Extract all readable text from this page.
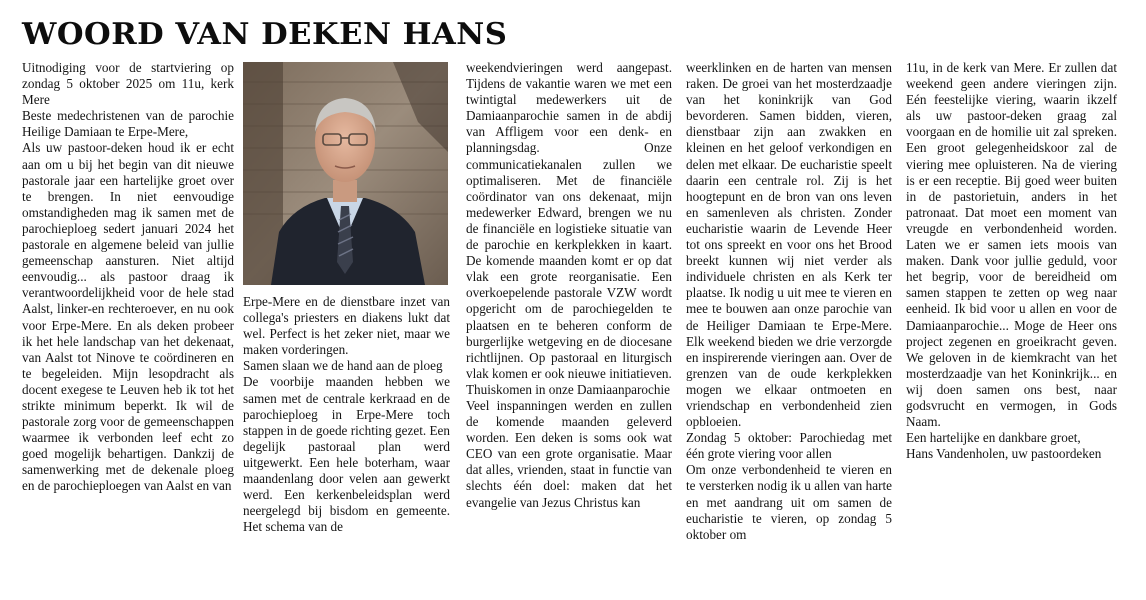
WOORD VAN DEKEN HANS

Uitnodiging voor de startviering op zondag 5 oktober 2025 om 11u, kerk Mere

Beste medechristenen van de parochie Heilige Damiaan te Erpe-Mere,

Als uw pastoor-deken houd ik er echt aan om u bij het begin van dit nieuwe pastorale jaar een hartelijke groet over te brengen. In niet eenvoudige omstandigheden mag ik samen met de parochieploeg sedert januari 2024 het pastorale en algemene beleid van jullie gemeenschap aansturen. Niet altijd eenvoudig... als pastoor draag ik verantwoordelijkheid voor de hele stad Aalst, linker-en rechteroever, en nu ook voor Erpe-Mere. En als deken probeer ik het hele landschap van het dekenaat, van Aalst tot Ninove te coördineren en te begeleiden. Mijn lesopdracht als docent exegese te Leuven heb ik tot het strikte minimum beperkt. Ik wil de pastorale zorg voor de gemeenschappen waarmee ik verbonden leef echt zo goed mogelijk behartigen. Dankzij de samenwerking met de dekenale ploeg en de parochieploegen van Aalst en van

Erpe-Mere en de dienstbare inzet van collega's priesters en diakens lukt dat wel. Perfect is het zeker niet, maar we maken vorderingen.

Samen slaan we de hand aan de ploeg

De voorbije maanden hebben we samen met de centrale kerkraad en de parochieploeg in Erpe-Mere toch stappen in de goede richting gezet. Een degelijk pastoraal plan werd uitgewerkt. Een hele boterham, waar maandenlang door velen aan gewerkt werd. Een kerkenbeleidsplan werd neergelegd bij bisdom en gemeente. Het schema van de

weekendvieringen werd aangepast. Tijdens de vakantie waren we met een twintigtal medewerkers uit de Damiaanparochie samen in de abdij van Affligem voor een denk- en planningsdag. Onze communicatiekanalen zullen we optimaliseren. Met de financiële coördinator van ons dekenaat, mijn medewerker Edward, brengen we nu de financiële en logistieke situatie van de parochie en kerkplekken in kaart. De komende maanden komt er op dat vlak een grote reorganisatie. Een overkoepelende pastorale VZW wordt opgericht om de parochiegelden te plaatsen en te beheren conform de burgerlijke wetgeving en de diocesane richtlijnen. Op pastoraal en liturgisch vlak komen er ook nieuwe initiatieven.

Thuiskomen in onze Damiaanparochie

Veel inspanningen werden en zullen de komende maanden geleverd worden. Een deken is soms ook wat CEO van een grote organisatie. Maar dat alles, vrienden, staat in functie van slechts één doel: maken dat het evangelie van Jezus Christus kan

weerklinken en de harten van mensen raken. De groei van het mosterdzaadje van het koninkrijk van God bevorderen. Samen bidden, vieren, dienstbaar zijn aan zwakken en kleinen en het geloof verkondigen en delen met elkaar. De eucharistie speelt daarin een centrale rol. Zij is het hoogtepunt en de bron van ons leven en samenleven als christen. Zonder eucharistie waarin de Levende Heer tot ons spreekt en voor ons het Brood breekt kunnen wij niet verder als individuele christen en als Kerk ter plaatse. Ik nodig u uit mee te vieren en mee te bouwen aan onze parochie van de Heiliger Damiaan te Erpe-Mere. Elk weekend bieden we drie verzorgde en inspirerende vieringen aan. Over de grenzen van de oude kerkplekken mogen we elkaar ontmoeten en vriendschap en verbondenheid zien opbloeien.

Zondag 5 oktober: Parochiedag met één grote viering voor allen

Om onze verbondenheid te vieren en te versterken nodig ik u allen van harte en met aandrang uit om samen de eucharistie te vieren, op zondag 5 oktober om

11u, in de kerk van Mere. Er zullen dat weekend geen andere vieringen zijn. Eén feestelijke viering, waarin ikzelf als uw pastoor-deken graag zal voorgaan en de homilie uit zal spreken. Een groot gelegenheidskoor zal de viering mee opluisteren. Na de viering is er een receptie. Bij goed weer buiten in de pastorietuin, anders in het patronaat. Dat moet een moment van vreugde en verbondenheid worden. Laten we er samen iets moois van maken. Dank voor jullie geduld, voor het begrip, voor de bereidheid om samen stappen te zetten op weg naar eenheid. Ik bid voor u allen en voor de Damiaanparochie... Moge de Heer ons project zegenen en groeikracht geven. We geloven in de kiemkracht van het mosterdzaadje van het Koninkrijk... en wij doen samen ons best, naar godsvrucht en vermogen, in Gods Naam.

Een hartelijke en dankbare groet,

Hans Vandenholen, uw pastoordeken
